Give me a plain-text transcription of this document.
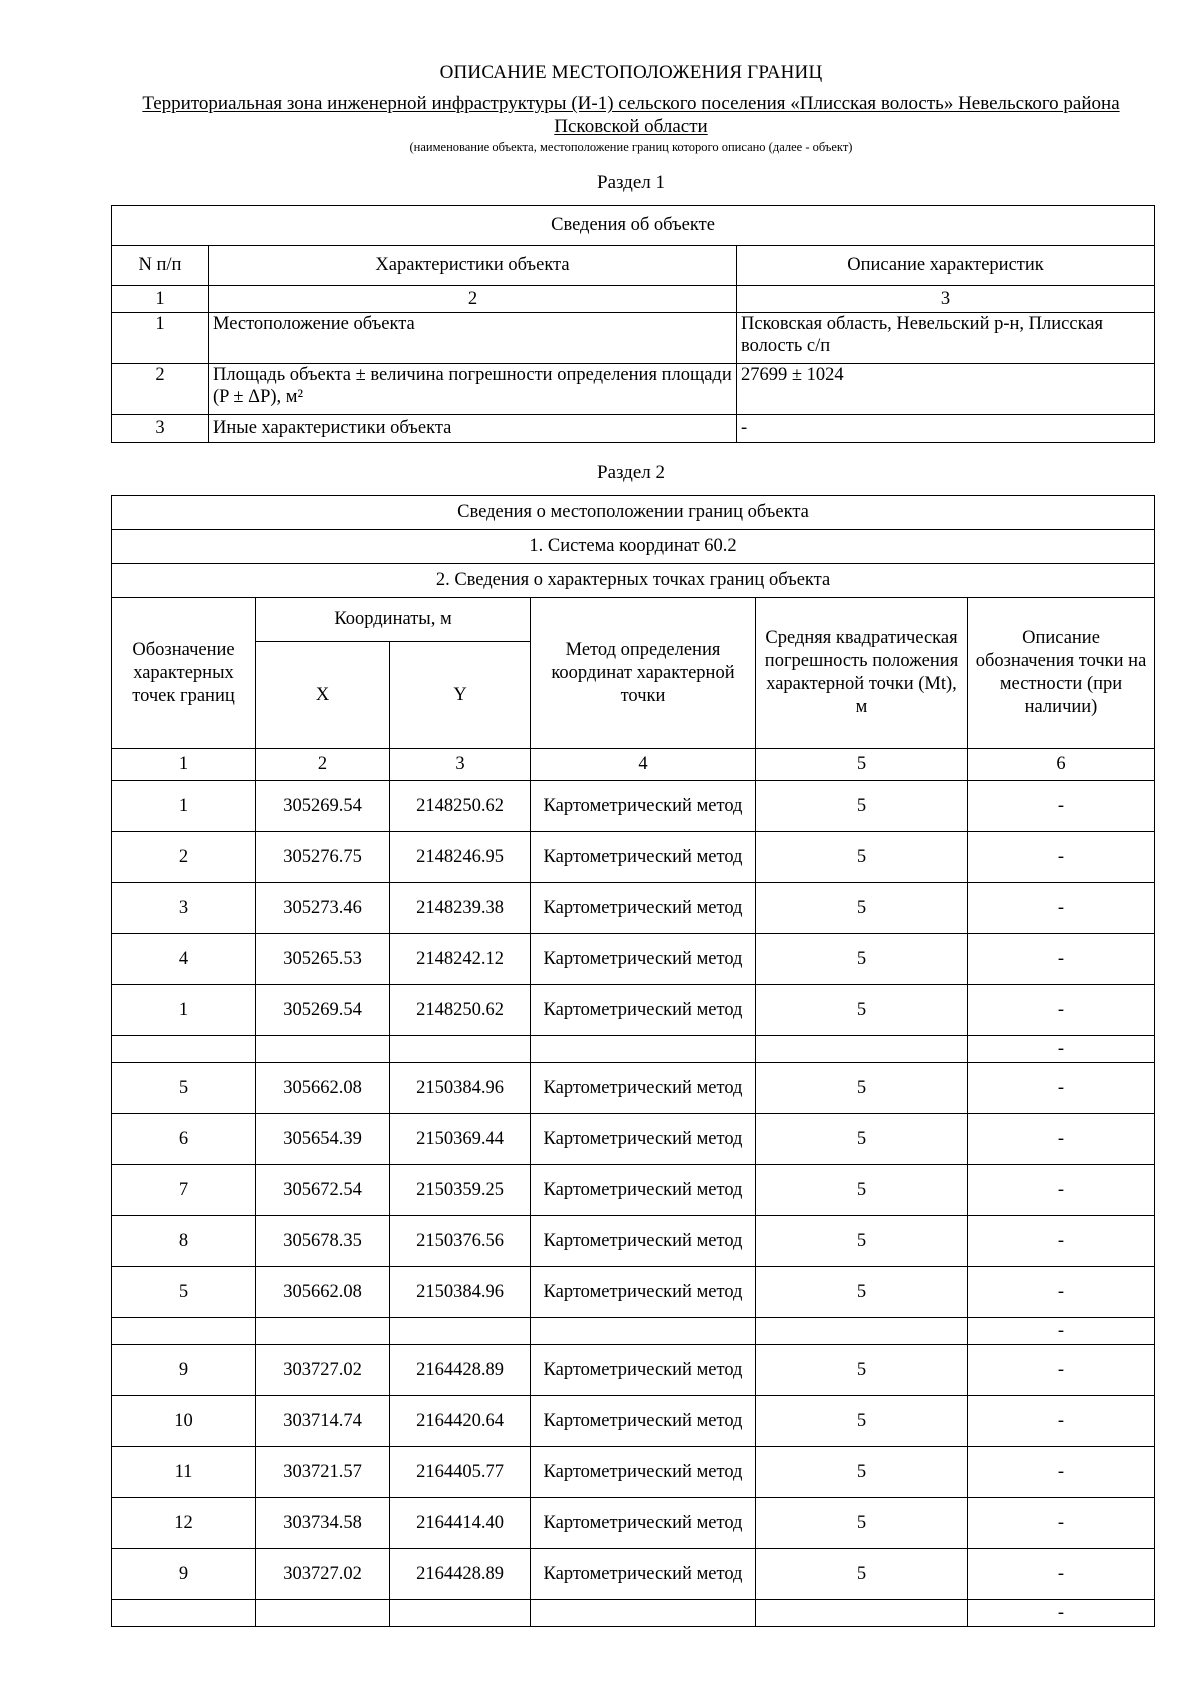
ОПИСАНИЕ МЕСТОПОЛОЖЕНИЯ ГРАНИЦ
Территориальная зона инженерной инфраструктуры (И-1) сельского поселения «Плисская волость» Невельского района Псковской области
(наименование объекта, местоположение границ которого описано (далее - объект)
Раздел 1
Сведения об объекте		
N п/п	Характеристики объекта	Описание характеристик
1	2	3
1	Местоположение объекта	Псковская область, Невельский р-н, Плисская волость с/п
2	Площадь объекта ± величина погрешности определения площади (P ± ΔP), м²	27699 ± 1024
3	Иные характеристики объекта	-
Раздел 2
Сведения о местоположении границ объекта					
1. Система координат 60.2					
2. Сведения о характерных точках границ объекта					
Обозначение характерных точек границ	Координаты, м		Метод определения координат характерной точки	Средняя квадратическая погрешность положения характерной точки (Mt), м	Описание обозначения точки на местности (при наличии)
	X	Y			
1	2	3	4	5	6
1	305269.54	2148250.62	Картометрический метод	5	-
2	305276.75	2148246.95	Картометрический метод	5	-
3	305273.46	2148239.38	Картометрический метод	5	-
4	305265.53	2148242.12	Картометрический метод	5	-
1	305269.54	2148250.62	Картометрический метод	5	-
					-
5	305662.08	2150384.96	Картометрический метод	5	-
6	305654.39	2150369.44	Картометрический метод	5	-
7	305672.54	2150359.25	Картометрический метод	5	-
8	305678.35	2150376.56	Картометрический метод	5	-
5	305662.08	2150384.96	Картометрический метод	5	-
					-
9	303727.02	2164428.89	Картометрический метод	5	-
10	303714.74	2164420.64	Картометрический метод	5	-
11	303721.57	2164405.77	Картометрический метод	5	-
12	303734.58	2164414.40	Картометрический метод	5	-
9	303727.02	2164428.89	Картометрический метод	5	-
					-
